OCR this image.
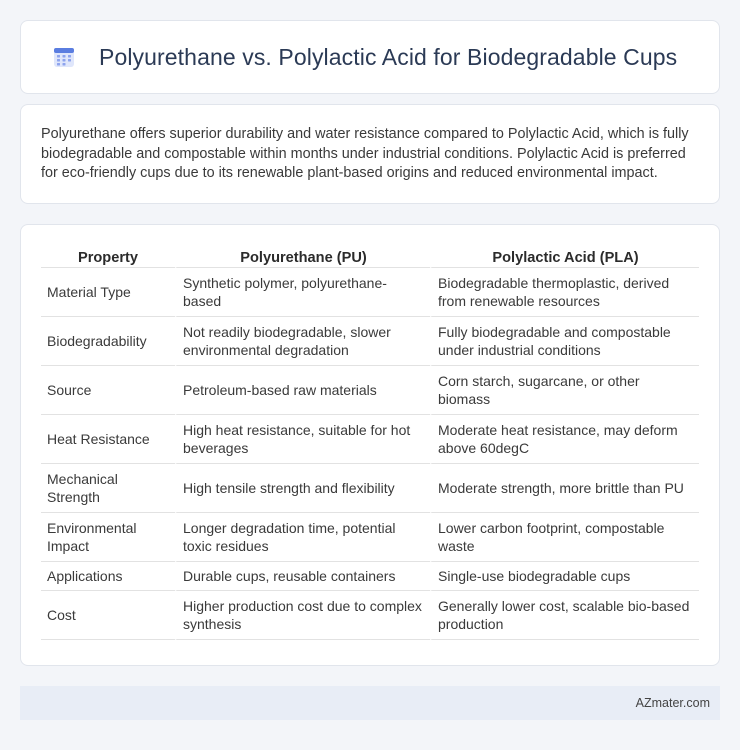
Polyurethane vs. Polylactic Acid for Biodegradable Cups

Polyurethane offers superior durability and water resistance compared to Polylactic Acid, which is fully biodegradable and compostable within months under industrial conditions. Polylactic Acid is preferred for eco-friendly cups due to its renewable plant-based origins and reduced environmental impact.

Property	Polyurethane (PU)	Polylactic Acid (PLA)
Material Type	Synthetic polymer, polyurethane-based	Biodegradable thermoplastic, derived from renewable resources
Biodegradability	Not readily biodegradable, slower environmental degradation	Fully biodegradable and compostable under industrial conditions
Source	Petroleum-based raw materials	Corn starch, sugarcane, or other biomass
Heat Resistance	High heat resistance, suitable for hot beverages	Moderate heat resistance, may deform above 60degC
Mechanical Strength	High tensile strength and flexibility	Moderate strength, more brittle than PU
Environmental Impact	Longer degradation time, potential toxic residues	Lower carbon footprint, compostable waste
Applications	Durable cups, reusable containers	Single-use biodegradable cups
Cost	Higher production cost due to complex synthesis	Generally lower cost, scalable bio-based production
AZmater.com
